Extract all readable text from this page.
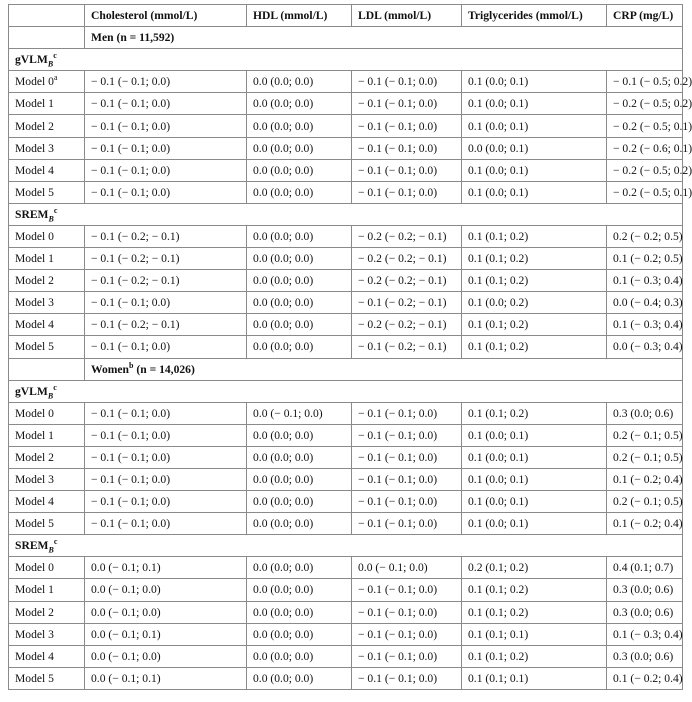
	Cholesterol (mmol/L)	HDL (mmol/L)	LDL (mmol/L)	Triglycerides (mmol/L)	CRP (mg/L)
	Men (n = 11,592)				
gVLM$_B^c$
Model $0^a$	− 0.1 (− 0.1; 0.0)	0.0 (0.0; 0.0)	− 0.1 (− 0.1; 0.0)	0.1 (0.0; 0.1)	− 0.1 (− 0.5; 0.2)
Model 1	− 0.1 (− 0.1; 0.0)	0.0 (0.0; 0.0)	− 0.1 (− 0.1; 0.0)	0.1 (0.0; 0.1)	− 0.2 (− 0.5; 0.2)
Model 2	− 0.1 (− 0.1; 0.0)	0.0 (0.0; 0.0)	− 0.1 (− 0.1; 0.0)	0.1 (0.0; 0.1)	− 0.2 (− 0.5; 0.1)
Model 3	− 0.1 (− 0.1; 0.0)	0.0 (0.0; 0.0)	− 0.1 (− 0.1; 0.0)	0.0 (0.0; 0.1)	− 0.2 (− 0.6; 0.1)
Model 4	− 0.1 (− 0.1; 0.0)	0.0 (0.0; 0.0)	− 0.1 (− 0.1; 0.0)	0.1 (0.0; 0.1)	− 0.2 (− 0.5; 0.2)
Model 5	− 0.1 (− 0.1; 0.0)	0.0 (0.0; 0.0)	− 0.1 (− 0.1; 0.0)	0.1 (0.0; 0.1)	− 0.2 (− 0.5; 0.1)
$SREM_B^c$
Model 0	− 0.1 (− 0.2; − 0.1)	0.0 (0.0; 0.0)	− 0.2 (− 0.2; − 0.1)	0.1 (0.1; 0.2)	0.2 (− 0.2; 0.5)
Model 1	− 0.1 (− 0.2; − 0.1)	0.0 (0.0; 0.0)	− 0.2 (− 0.2; − 0.1)	0.1 (0.1; 0.2)	0.1 (− 0.2; 0.5)
Model 2	− 0.1 (− 0.2; − 0.1)	0.0 (0.0; 0.0)	− 0.2 (− 0.2; − 0.1)	0.1 (0.1; 0.2)	0.1 (− 0.3; 0.4)
Model 3	− 0.1 (− 0.1; 0.0)	0.0 (0.0; 0.0)	− 0.1 (− 0.2; − 0.1)	0.1 (0.0; 0.2)	0.0 (− 0.4; 0.3)
Model 4	− 0.1 (− 0.2; − 0.1)	0.0 (0.0; 0.0)	− 0.2 (− 0.2; − 0.1)	0.1 (0.1; 0.2)	0.1 (− 0.3; 0.4)
Model 5	− 0.1 (− 0.1; 0.0)	0.0 (0.0; 0.0)	− 0.1 (− 0.2; − 0.1)	0.1 (0.1; 0.2)	0.0 (− 0.3; 0.4)
	Women$^b$ (n = 14,026)				
gVLM$_B^c$
Model 0	− 0.1 (− 0.1; 0.0)	0.0 (− 0.1; 0.0)	− 0.1 (− 0.1; 0.0)	0.1 (0.1; 0.2)	0.3 (0.0; 0.6)
Model 1	− 0.1 (− 0.1; 0.0)	0.0 (0.0; 0.0)	− 0.1 (− 0.1; 0.0)	0.1 (0.0; 0.1)	0.2 (− 0.1; 0.5)
Model 2	− 0.1 (− 0.1; 0.0)	0.0 (0.0; 0.0)	− 0.1 (− 0.1; 0.0)	0.1 (0.0; 0.1)	0.2 (− 0.1; 0.5)
Model 3	− 0.1 (− 0.1; 0.0)	0.0 (0.0; 0.0)	− 0.1 (− 0.1; 0.0)	0.1 (0.0; 0.1)	0.1 (− 0.2; 0.4)
Model 4	− 0.1 (− 0.1; 0.0)	0.0 (0.0; 0.0)	− 0.1 (− 0.1; 0.0)	0.1 (0.0; 0.1)	0.2 (− 0.1; 0.5)
Model 5	− 0.1 (− 0.1; 0.0)	0.0 (0.0; 0.0)	− 0.1 (− 0.1; 0.0)	0.1 (0.0; 0.1)	0.1 (− 0.2; 0.4)
$SREM_B^c$
Model 0	0.0 (− 0.1; 0.1)	0.0 (0.0; 0.0)	0.0 (− 0.1; 0.0)	0.2 (0.1; 0.2)	0.4 (0.1; 0.7)
Model 1	0.0 (− 0.1; 0.0)	0.0 (0.0; 0.0)	− 0.1 (− 0.1; 0.0)	0.1 (0.1; 0.2)	0.3 (0.0; 0.6)
Model 2	0.0 (− 0.1; 0.0)	0.0 (0.0; 0.0)	− 0.1 (− 0.1; 0.0)	0.1 (0.1; 0.2)	0.3 (0.0; 0.6)
Model 3	0.0 (− 0.1; 0.1)	0.0 (0.0; 0.0)	− 0.1 (− 0.1; 0.0)	0.1 (0.1; 0.1)	0.1 (− 0.3; 0.4)
Model 4	0.0 (− 0.1; 0.0)	0.0 (0.0; 0.0)	− 0.1 (− 0.1; 0.0)	0.1 (0.1; 0.2)	0.3 (0.0; 0.6)
Model 5	0.0 (− 0.1; 0.1)	0.0 (0.0; 0.0)	− 0.1 (− 0.1; 0.0)	0.1 (0.1; 0.1)	0.1 (− 0.2; 0.4)
